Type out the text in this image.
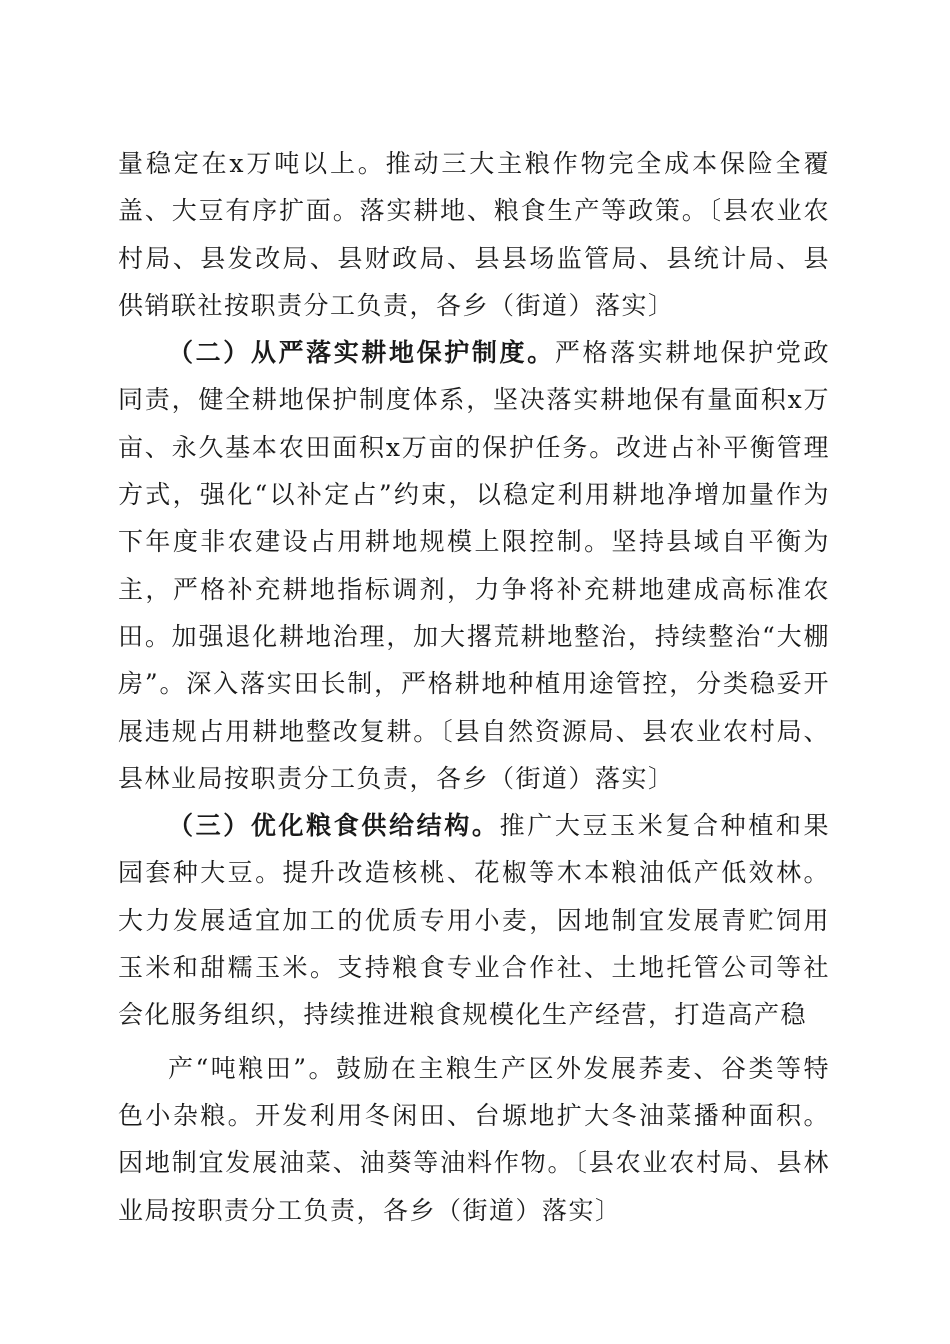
量稳定在x万吨以上。推动三大主粮作物完全成本保险全覆盖、大豆有序扩面。落实耕地、粮食生产等政策。〔县农业农村局、县发改局、县财政局、县县场监管局、县统计局、县供销联社按职责分工负责，各乡（街道）落实〕

（二）从严落实耕地保护制度。严格落实耕地保护党政同责，健全耕地保护制度体系，坚决落实耕地保有量面积x万亩、永久基本农田面积x万亩的保护任务。改进占补平衡管理方式，强化“以补定占”约束，以稳定利用耕地净增加量作为下年度非农建设占用耕地规模上限控制。坚持县域自平衡为主，严格补充耕地指标调剂，力争将补充耕地建成高标准农田。加强退化耕地治理，加大撂荒耕地整治，持续整治“大棚房”。深入落实田长制，严格耕地种植用途管控，分类稳妥开展违规占用耕地整改复耕。〔县自然资源局、县农业农村局、县林业局按职责分工负责，各乡（街道）落实〕

（三）优化粮食供给结构。推广大豆玉米复合种植和果园套种大豆。提升改造核桃、花椒等木本粮油低产低效林。大力发展适宜加工的优质专用小麦，因地制宜发展青贮饲用玉米和甜糯玉米。支持粮食专业合作社、土地托管公司等社会化服务组织，持续推进粮食规模化生产经营，打造高产稳

产“吨粮田”。鼓励在主粮生产区外发展荞麦、谷类等特色小杂粮。开发利用冬闲田、台塬地扩大冬油菜播种面积。因地制宜发展油菜、油葵等油料作物。〔县农业农村局、县林业局按职责分工负责，各乡（街道）落实〕
